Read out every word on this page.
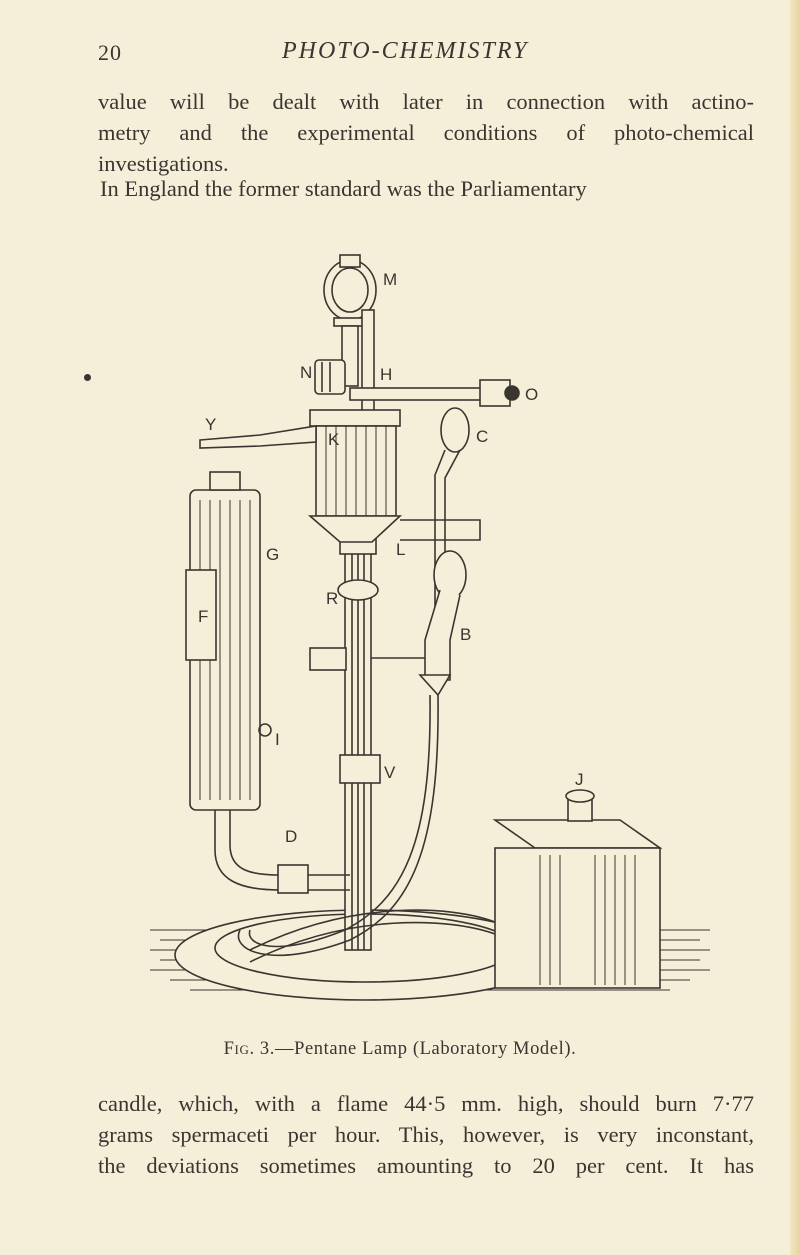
20	PHOTO-CHEMISTRY

value will be dealt with later in connection with actino-
metry and the experimental conditions of photo-chemical
investigations.

In England the former standard was the Parliamentary

M
N	H
O
Y
K	C
G	L
R
F
B
I
V	J
D
Fig. 3.—Pentane Lamp (Laboratory Model).

candle, which, with a flame 44·5 mm. high, should burn 7·77
grams spermaceti per hour. This, however, is very inconstant,
the deviations sometimes amounting to 20 per cent. It has
